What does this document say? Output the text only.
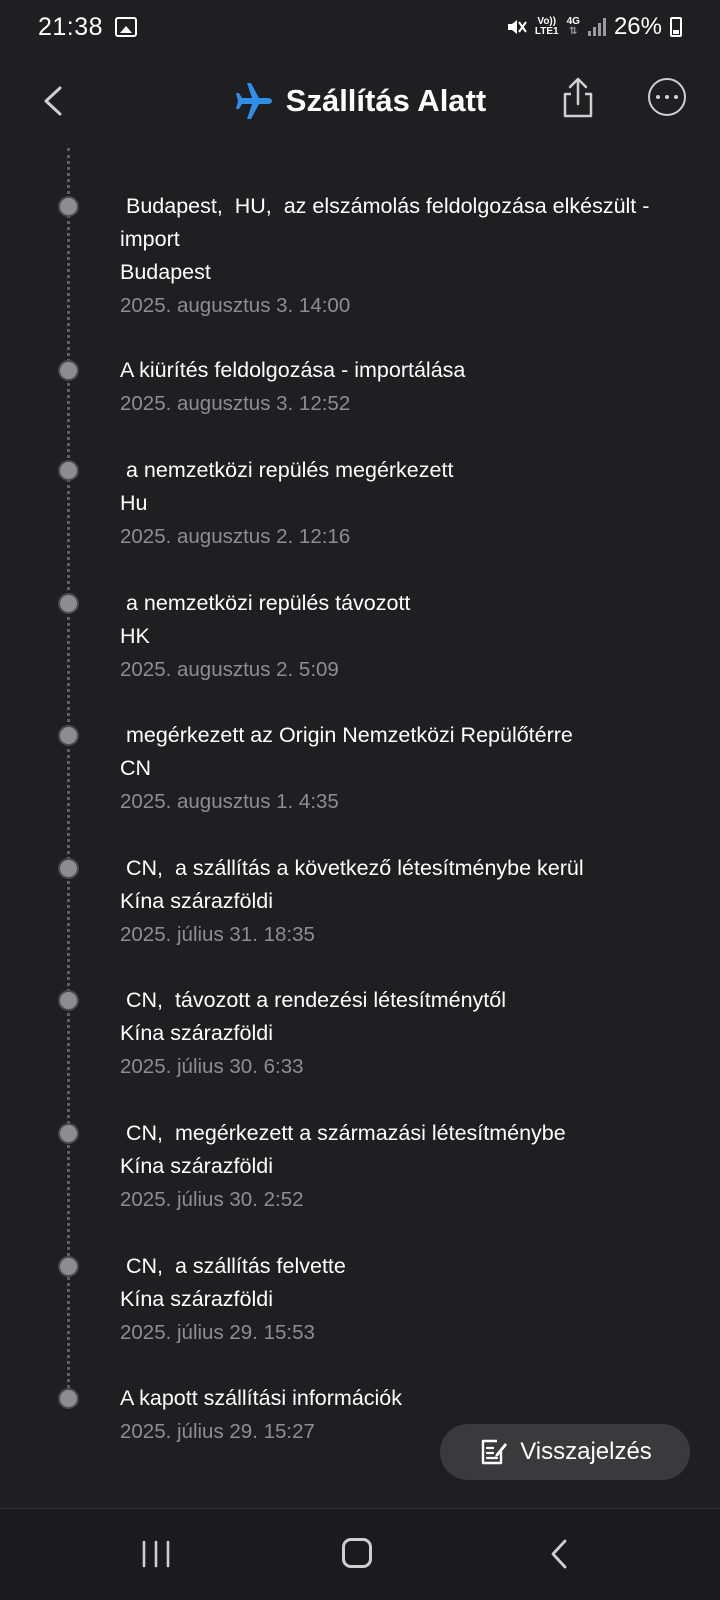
21:38	Vo))
LTE1
4G
⇅ 26%
Szállítás Alatt
Budapest,  HU,  az elszámolás feldolgozása elkészült - import
Budapest
2025. augusztus 3. 14:00
A kiürítés feldolgozása - importálása
2025. augusztus 3. 12:52
a nemzetközi repülés megérkezett
Hu
2025. augusztus 2. 12:16
a nemzetközi repülés távozott
HK
2025. augusztus 2. 5:09
megérkezett az Origin Nemzetközi Repülőtérre
CN
2025. augusztus 1. 4:35
CN,  a szállítás a következő létesítménybe kerül
Kína szárazföldi
2025. július 31. 18:35
CN,  távozott a rendezési létesítménytől
Kína szárazföldi
2025. július 30. 6:33
CN,  megérkezett a származási létesítménybe
Kína szárazföldi
2025. július 30. 2:52
CN,  a szállítás felvette
Kína szárazföldi
2025. július 29. 15:53
A kapott szállítási információk
2025. július 29. 15:27
Visszajelzés
